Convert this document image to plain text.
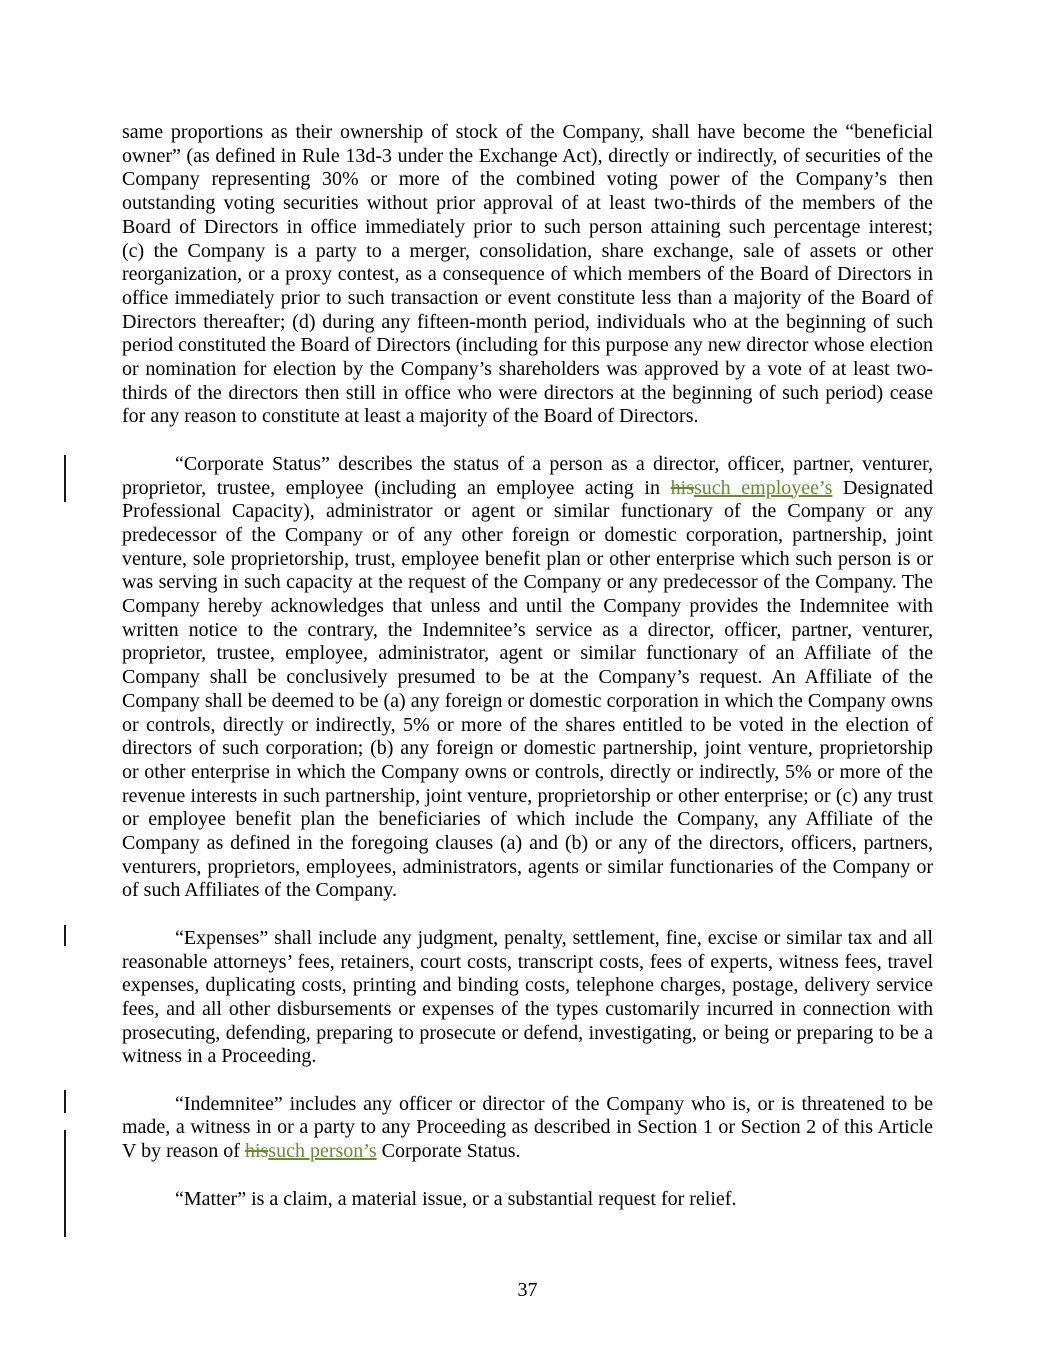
same proportions as their ownership of stock of the Company, shall have become the “beneficial owner” (as defined in Rule 13d-3 under the Exchange Act), directly or indirectly, of securities of the Company representing 30% or more of the combined voting power of the Company’s then outstanding voting securities without prior approval of at least two-thirds of the members of the Board of Directors in office immediately prior to such person attaining such percentage interest; (c) the Company is a party to a merger, consolidation, share exchange, sale of assets or other reorganization, or a proxy contest, as a consequence of which members of the Board of Directors in office immediately prior to such transaction or event constitute less than a majority of the Board of Directors thereafter; (d) during any fifteen-month period, individuals who at the beginning of such period constituted the Board of Directors (including for this purpose any new director whose election or nomination for election by the Company’s shareholders was approved by a vote of at least two-thirds of the directors then still in office who were directors at the beginning of such period) cease for any reason to constitute at least a majority of the Board of Directors.

“Corporate Status” describes the status of a person as a director, officer, partner, venturer, proprietor, trustee, employee (including an employee acting in hissuch employee’s Designated Professional Capacity), administrator or agent or similar functionary of the Company or any predecessor of the Company or of any other foreign or domestic corporation, partnership, joint venture, sole proprietorship, trust, employee benefit plan or other enterprise which such person is or was serving in such capacity at the request of the Company or any predecessor of the Company. The Company hereby acknowledges that unless and until the Company provides the Indemnitee with written notice to the contrary, the Indemnitee’s service as a director, officer, partner, venturer, proprietor, trustee, employee, administrator, agent or similar functionary of an Affiliate of the Company shall be conclusively presumed to be at the Company’s request. An Affiliate of the Company shall be deemed to be (a) any foreign or domestic corporation in which the Company owns or controls, directly or indirectly, 5% or more of the shares entitled to be voted in the election of directors of such corporation; (b) any foreign or domestic partnership, joint venture, proprietorship or other enterprise in which the Company owns or controls, directly or indirectly, 5% or more of the revenue interests in such partnership, joint venture, proprietorship or other enterprise; or (c) any trust or employee benefit plan the beneficiaries of which include the Company, any Affiliate of the Company as defined in the foregoing clauses (a) and (b) or any of the directors, officers, partners, venturers, proprietors, employees, administrators, agents or similar functionaries of the Company or of such Affiliates of the Company.

“Expenses” shall include any judgment, penalty, settlement, fine, excise or similar tax and all reasonable attorneys’ fees, retainers, court costs, transcript costs, fees of experts, witness fees, travel expenses, duplicating costs, printing and binding costs, telephone charges, postage, delivery service fees, and all other disbursements or expenses of the types customarily incurred in connection with prosecuting, defending, preparing to prosecute or defend, investigating, or being or preparing to be a witness in a Proceeding.

“Indemnitee” includes any officer or director of the Company who is, or is threatened to be made, a witness in or a party to any Proceeding as described in Section 1 or Section 2 of this Article V by reason of hissuch person’s Corporate Status.

“Matter” is a claim, a material issue, or a substantial request for relief.

37
